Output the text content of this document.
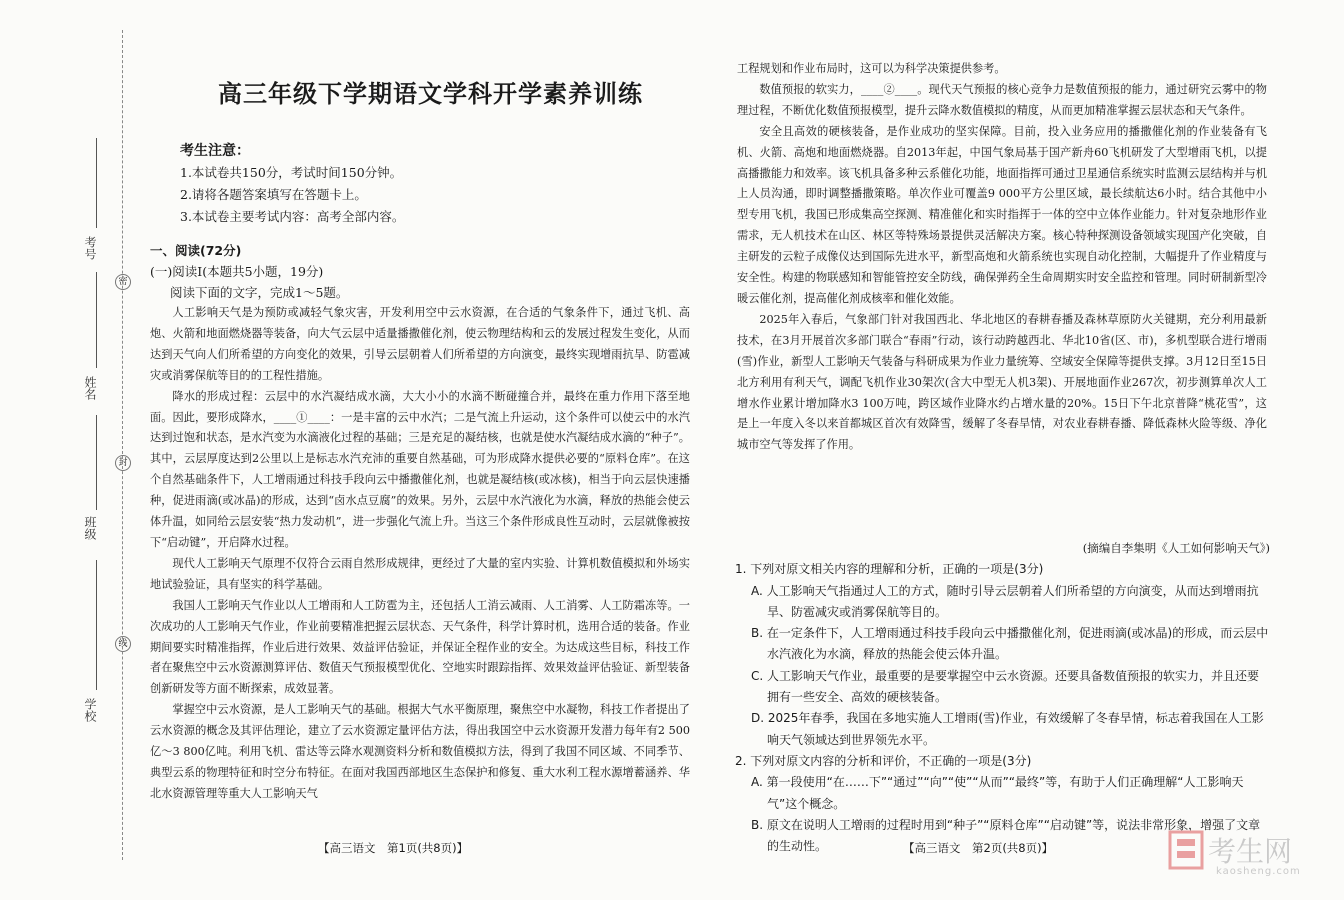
考号
姓名
班级
学校
密
封
线
高三年级下学期语文学科开学素养训练
考生注意：
1.本试卷共150分，考试时间150分钟。
2.请将各题答案填写在答题卡上。
3.本试卷主要考试内容：高考全部内容。
一、阅读(72分)
(一)阅读Ⅰ(本题共5小题，19分)
阅读下面的文字，完成1～5题。

人工影响天气是为预防或减轻气象灾害，开发利用空中云水资源，在合适的气象条件下，通过飞机、高炮、火箭和地面燃烧器等装备，向大气云层中适量播撒催化剂，使云物理结构和云的发展过程发生变化，从而达到天气向人们所希望的方向变化的效果，引导云层朝着人们所希望的方向演变，最终实现增雨抗旱、防雹减灾或消雾保航等目的的工程性措施。

降水的形成过程：云层中的水汽凝结成水滴，大大小小的水滴不断碰撞合并，最终在重力作用下落至地面。因此，要形成降水，____①____：一是丰富的云中水汽；二是气流上升运动，这个条件可以使云中的水汽达到过饱和状态，是水汽变为水滴液化过程的基础；三是充足的凝结核，也就是使水汽凝结成水滴的“种子”。其中，云层厚度达到2公里以上是标志水汽充沛的重要自然基础，可为形成降水提供必要的“原料仓库”。在这个自然基础条件下，人工增雨通过科技手段向云中播撒催化剂，也就是凝结核(或冰核)，相当于向云层快速播种，促进雨滴(或冰晶)的形成，达到“卤水点豆腐”的效果。另外，云层中水汽液化为水滴，释放的热能会使云体升温，如同给云层安装“热力发动机”，进一步强化气流上升。当这三个条件形成良性互动时，云层就像被按下“启动键”，开启降水过程。

现代人工影响天气原理不仅符合云雨自然形成规律，更经过了大量的室内实验、计算机数值模拟和外场实地试验验证，具有坚实的科学基础。

我国人工影响天气作业以人工增雨和人工防雹为主，还包括人工消云减雨、人工消雾、人工防霜冻等。一次成功的人工影响天气作业，作业前要精准把握云层状态、天气条件，科学计算时机，选用合适的装备。作业期间要实时精准指挥，作业后进行效果、效益评估验证，并保证全程作业的安全。为达成这些目标，科技工作者在聚焦空中云水资源测算评估、数值天气预报模型优化、空地实时跟踪指挥、效果效益评估验证、新型装备创新研发等方面不断探索，成效显著。

掌握空中云水资源，是人工影响天气的基础。根据大气水平衡原理，聚焦空中水凝物，科技工作者提出了云水资源的概念及其评估理论，建立了云水资源定量评估方法，得出我国空中云水资源开发潜力每年有2 500亿～3 800亿吨。利用飞机、雷达等云降水观测资料分析和数值模拟方法，得到了我国不同区域、不同季节、典型云系的物理特征和时空分布特征。在面对我国西部地区生态保护和修复、重大水利工程水源增蓄涵养、华北水资源管理等重大人工影响天气

【高三语文　第1页(共8页)】

工程规划和作业布局时，这可以为科学决策提供参考。

数值预报的软实力，____②____。现代天气预报的核心竞争力是数值预报的能力，通过研究云雾中的物理过程，不断优化数值预报模型，提升云降水数值模拟的精度，从而更加精准掌握云层状态和天气条件。

安全且高效的硬核装备，是作业成功的坚实保障。目前，投入业务应用的播撒催化剂的作业装备有飞机、火箭、高炮和地面燃烧器。自2013年起，中国气象局基于国产新舟60飞机研发了大型增雨飞机，以提高播撒能力和效率。该飞机具备多种云系催化功能，地面指挥可通过卫星通信系统实时监测云层结构并与机上人员沟通，即时调整播撒策略。单次作业可覆盖9 000平方公里区域，最长续航达6小时。结合其他中小型专用飞机，我国已形成集高空探测、精准催化和实时指挥于一体的空中立体作业能力。针对复杂地形作业需求，无人机技术在山区、林区等特殊场景提供灵活解决方案。核心特种探测设备领域实现国产化突破，自主研发的云粒子成像仪达到国际先进水平，新型高炮和火箭系统也实现自动化控制，大幅提升了作业精度与安全性。构建的物联感知和智能管控安全防线，确保弹药全生命周期实时安全监控和管理。同时研制新型冷暖云催化剂，提高催化剂成核率和催化效能。

2025年入春后，气象部门针对我国西北、华北地区的春耕春播及森林草原防火关键期，充分利用最新技术，在3月开展首次多部门联合“春雨”行动，该行动跨越西北、华北10省(区、市)，多机型联合进行增雨(雪)作业，新型人工影响天气装备与科研成果为作业力量统筹、空域安全保障等提供支撑。3月12日至15日北方利用有利天气，调配飞机作业30架次(含大中型无人机3架)、开展地面作业267次，初步测算单次人工增水作业累计增加降水3 100万吨，跨区域作业降水约占增水量的20%。15日下午北京普降“桃花雪”，这是上一年度入冬以来首都城区首次有效降雪，缓解了冬春旱情，对农业春耕春播、降低森林火险等级、净化城市空气等发挥了作用。

(摘编自李集明《人工如何影响天气》)

1. 下列对原文相关内容的理解和分析，正确的一项是(3分)

A. 人工影响天气指通过人工的方式，随时引导云层朝着人们所希望的方向演变，从而达到增雨抗旱、防雹减灾或消雾保航等目的。

B. 在一定条件下，人工增雨通过科技手段向云中播撒催化剂，促进雨滴(或冰晶)的形成，而云层中水汽液化为水滴，释放的热能会使云体升温。

C. 人工影响天气作业，最重要的是要掌握空中云水资源。还要具备数值预报的软实力，并且还要拥有一些安全、高效的硬核装备。

D. 2025年春季，我国在多地实施人工增雨(雪)作业，有效缓解了冬春旱情，标志着我国在人工影响天气领域达到世界领先水平。

2. 下列对原文内容的分析和评价，不正确的一项是(3分)

A. 第一段使用“在……下”“通过”“向”“使”“从而”“最终”等，有助于人们正确理解“人工影响天气”这个概念。

B. 原文在说明人工增雨的过程时用到“种子”“原料仓库”“启动键”等，说法非常形象，增强了文章的生动性。	【高三语文　第2页(共8页)】	考生网
kaosheng.com
